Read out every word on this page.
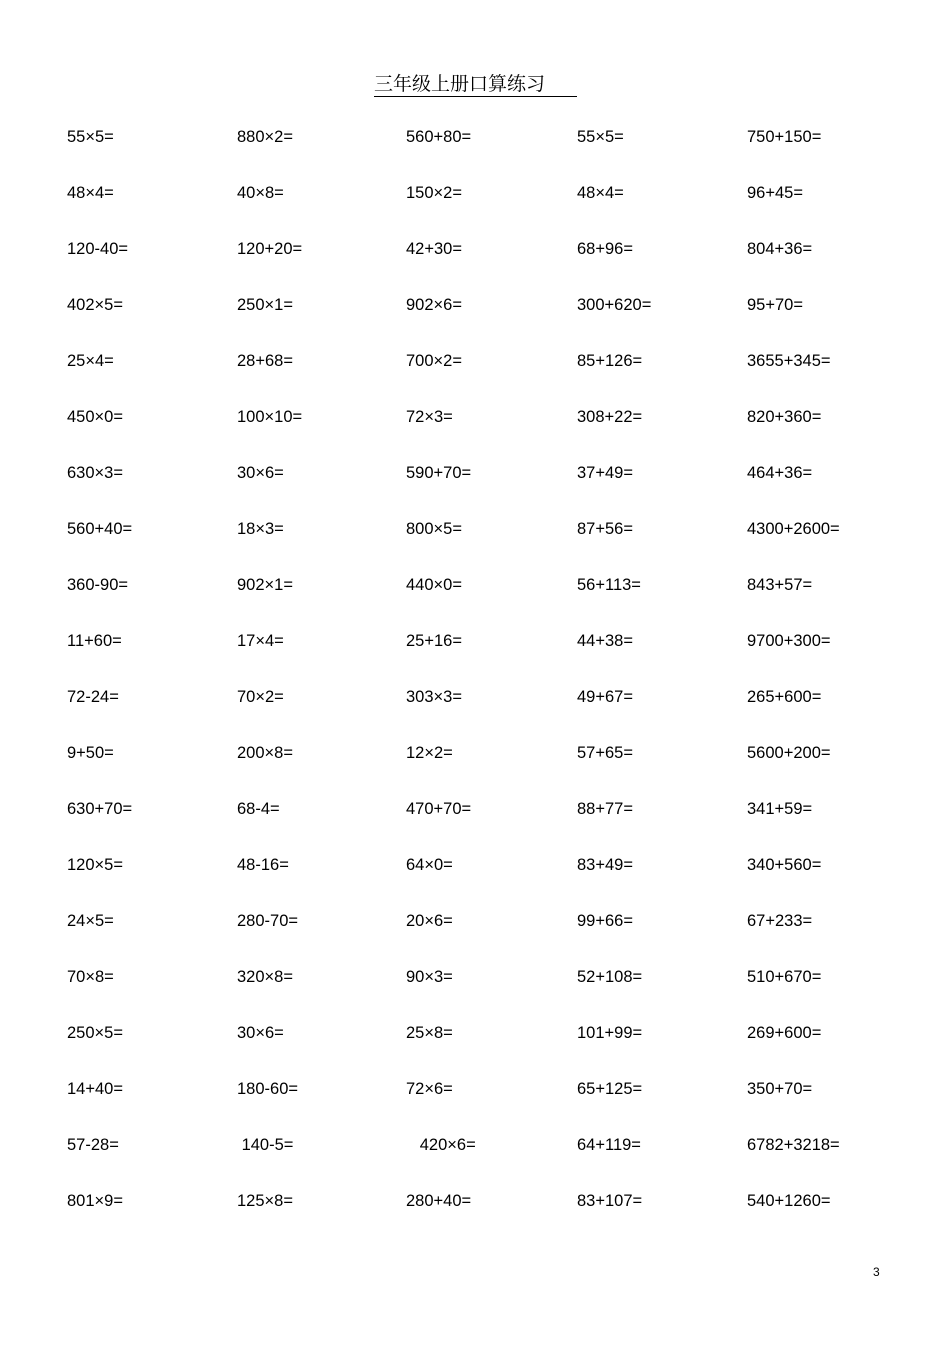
三年级上册口算练习
55×5=	880×2=	560+80=	55×5=	750+150=
48×4=	40×8=	150×2=	48×4=	96+45=
120-40=	120+20=	42+30=	68+96=	804+36=
402×5=	250×1=	902×6=	300+620=	95+70=
25×4=	28+68=	700×2=	85+126=	3655+345=
450×0=	100×10=	72×3=	308+22=	820+360=
630×3=	30×6=	590+70=	37+49=	464+36=
560+40=	18×3=	800×5=	87+56=	4300+2600=
360-90=	902×1=	440×0=	56+113=	843+57=
11+60=	17×4=	25+16=	44+38=	9700+300=
72-24=	70×2=	303×3=	49+67=	265+600=
9+50=	200×8=	12×2=	57+65=	5600+200=
630+70=	68-4=	470+70=	88+77=	341+59=
120×5=	48-16=	64×0=	83+49=	340+560=
24×5=	280-70=	20×6=	99+66=	67+233=
70×8=	320×8=	90×3=	52+108=	510+670=
250×5=	30×6=	25×8=	101+99=	269+600=
14+40=	180-60=	72×6=	65+125=	350+70=
57-28=	140-5=	420×6=	64+119=	6782+3218=
801×9=	125×8=	280+40=	83+107=	540+1260=
3
